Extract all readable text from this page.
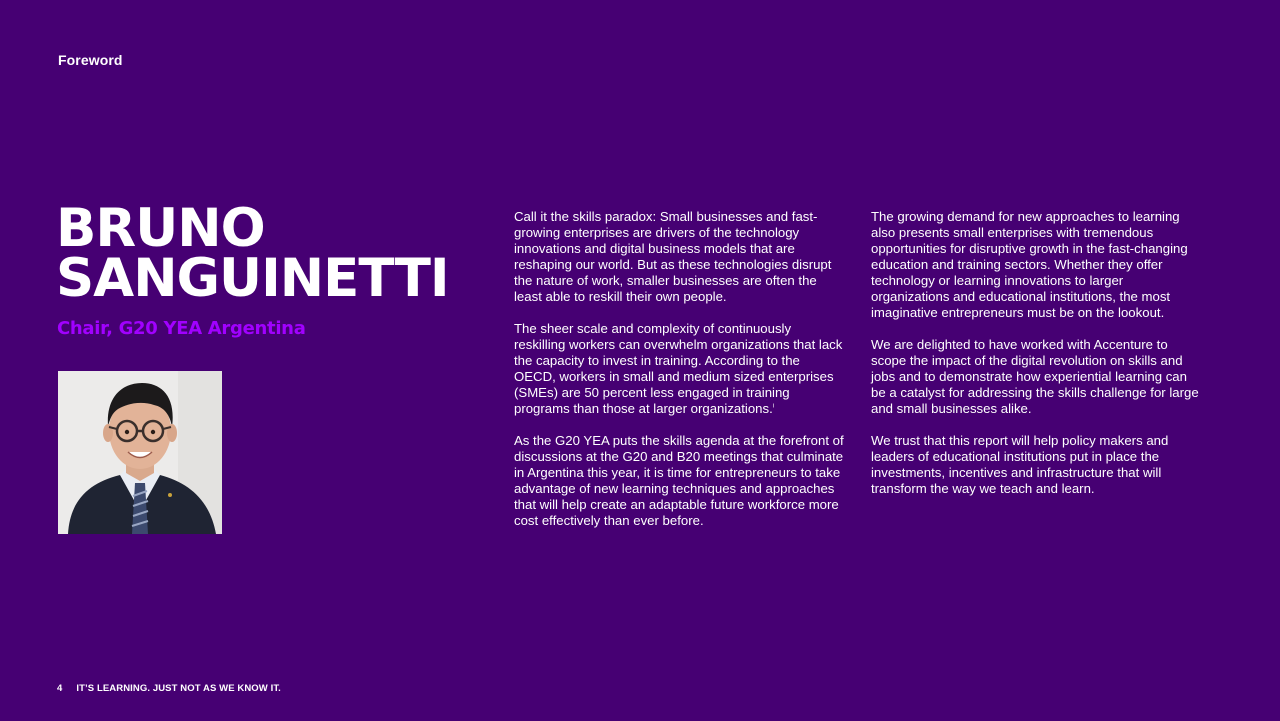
Foreword
BRUNO
SANGUINETTI
Chair, G20 YEA Argentina

Call it the skills paradox: Small businesses and fast-growing enterprises are drivers of the technology innovations and digital business models that are reshaping our world. But as these technologies disrupt the nature of work, smaller businesses are often the least able to reskill their own people.

The sheer scale and complexity of continuously reskilling workers can overwhelm organizations that lack the capacity to invest in training. According to the OECD, workers in small and medium sized enterprises (SMEs) are 50 percent less engaged in training programs than those at larger organizations.$^i$

As the G20 YEA puts the skills agenda at the forefront of discussions at the G20 and B20 meetings that culminate in Argentina this year, it is time for entrepreneurs to take advantage of new learning techniques and approaches that will help create an adaptable future workforce more cost effectively than ever before.

The growing demand for new approaches to learning also presents small enterprises with tremendous opportunities for disruptive growth in the fast-changing education and training sectors. Whether they offer technology or learning innovations to larger organizations and educational institutions, the most imaginative entrepreneurs must be on the lookout.

We are delighted to have worked with Accenture to scope the impact of the digital revolution on skills and jobs and to demonstrate how experiential learning can be a catalyst for addressing the skills challenge for large and small businesses alike.

We trust that this report will help policy makers and leaders of educational institutions put in place the investments, incentives and infrastructure that will transform the way we teach and learn.

4 IT’S LEARNING. JUST NOT AS WE KNOW IT.
